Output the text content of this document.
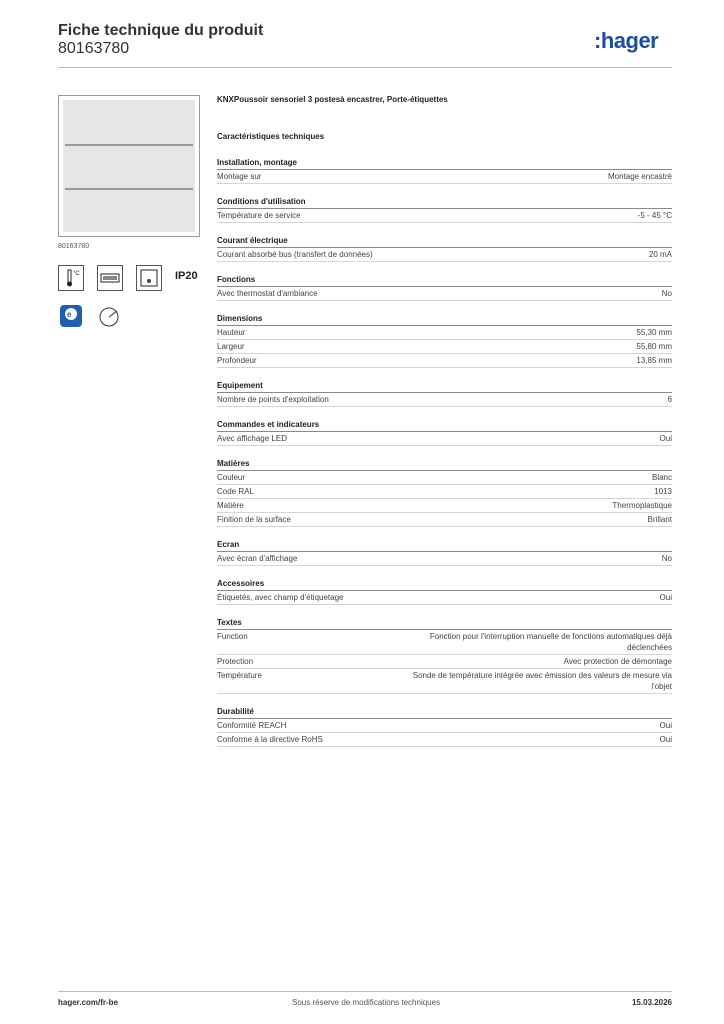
Fiche technique du produit
80163780	:hager
80163780
°C	IP20
e
KNXPoussoir sensoriel 3 postesà encastrer, Porte-étiquettes
Caractéristiques techniques
Installation, montage
Montage sur	Montage encastré
Conditions d'utilisation
Température de service	-5 - 45 °C
Courant électrique
Courant absorbé bus (transfert de données)	20 mA
Fonctions
Avec thermostat d'ambiance	No
Dimensions
Hauteur	55,30 mm
Largeur	55,80 mm
Profondeur	13,85 mm
Equipement
Nombre de points d'exploitation	6
Commandes et indicateurs
Avec affichage LED	Oui
Matières
Couleur	Blanc
Code RAL	1013
Matière	Thermoplastique
Finition de la surface	Brillant
Ecran
Avec écran d'affichage	No
Accessoires
Étiquetés, avec champ d'étiquetage	Oui
Textes
Function	Fonction pour l'interruption manuelle de fonctions automatiques déjà déclenchées
Protection	Avec protection de démontage
Température	Sonde de température intégrée avec émission des valeurs de mesure via l'objet
Durabilité
Conformité REACH	Oui
Conforme à la directive RoHS	Oui
hager.com/fr-be	Sous réserve de modifications techniques	15.03.2026
